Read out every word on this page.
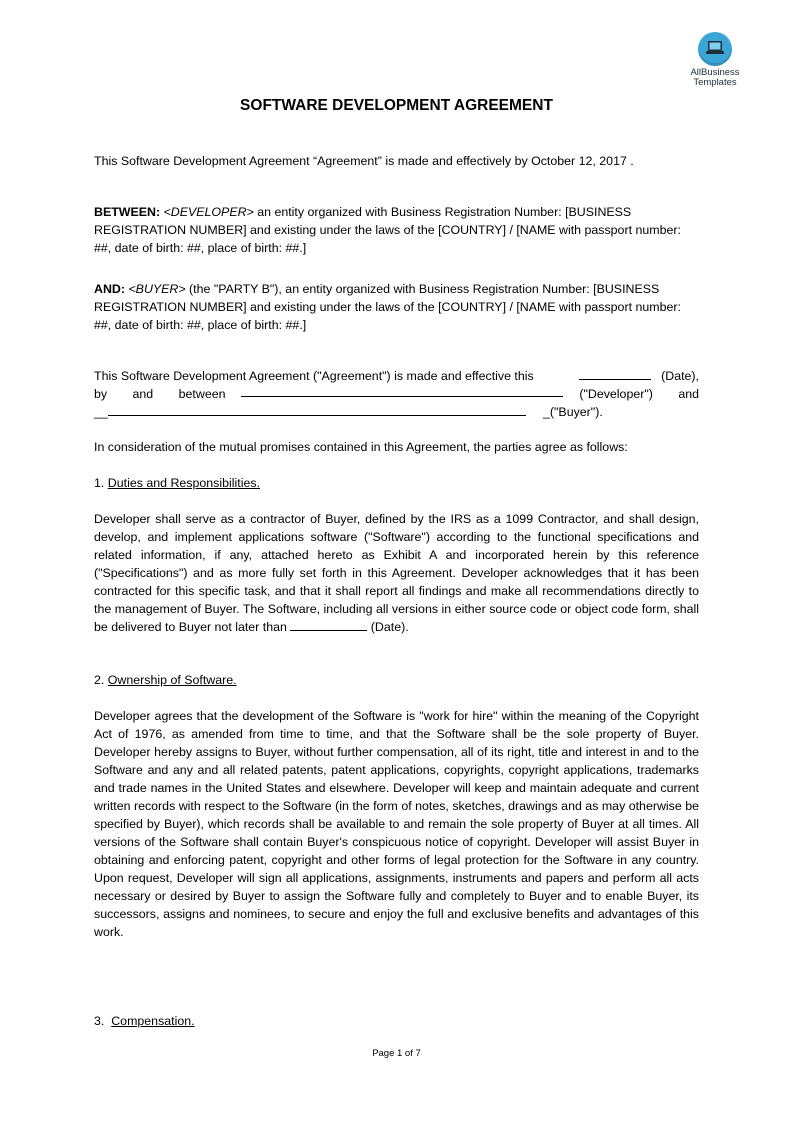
AllBusiness
Templates
SOFTWARE DEVELOPMENT AGREEMENT
This Software Development Agreement “Agreement” is made and effectively by October 12, 2017 .
BETWEEN: <DEVELOPER> an entity organized with Business Registration Number: [BUSINESS REGISTRATION NUMBER] and existing under the laws of the [COUNTRY] / [NAME with passport number: ##, date of birth: ##, place of birth: ##.]
AND: <BUYER> (the "PARTY B"), an entity organized with Business Registration Number: [BUSINESS REGISTRATION NUMBER] and existing under the laws of the [COUNTRY] / [NAME with passport number: ##, date of birth: ##, place of birth: ##.]
This Software Development Agreement ("Agreement") is made and effective this	(Date),
by and between	("Developer") and
__	_("Buyer").
In consideration of the mutual promises contained in this Agreement, the parties agree as follows:
1. Duties and Responsibilities.
Developer shall serve as a contractor of Buyer, defined by the IRS as a 1099 Contractor, and shall design, develop, and implement applications software ("Software") according to the functional specifications and related information, if any, attached hereto as Exhibit A and incorporated herein by this reference ("Specifications") and as more fully set forth in this Agreement. Developer acknowledges that it has been contracted for this specific task, and that it shall report all findings and make all recommendations directly to the management of Buyer. The Software, including all versions in either source code or object code form, shall be delivered to Buyer not later than	(Date).
2. Ownership of Software.
Developer agrees that the development of the Software is "work for hire" within the meaning of the Copyright Act of 1976, as amended from time to time, and that the Software shall be the sole property of Buyer. Developer hereby assigns to Buyer, without further compensation, all of its right, title and interest in and to the Software and any and all related patents, patent applications, copyrights, copyright applications, trademarks and trade names in the United States and elsewhere. Developer will keep and maintain adequate and current written records with respect to the Software (in the form of notes, sketches, drawings and as may otherwise be specified by Buyer), which records shall be available to and remain the sole property of Buyer at all times. All versions of the Software shall contain Buyer's conspicuous notice of copyright. Developer will assist Buyer in obtaining and enforcing patent, copyright and other forms of legal protection for the Software in any country. Upon request, Developer will sign all applications, assignments, instruments and papers and perform all acts necessary or desired by Buyer to assign the Software fully and completely to Buyer and to enable Buyer, its successors, assigns and nominees, to secure and enjoy the full and exclusive benefits and advantages of this work.
3. Compensation.
Page 1 of 7
